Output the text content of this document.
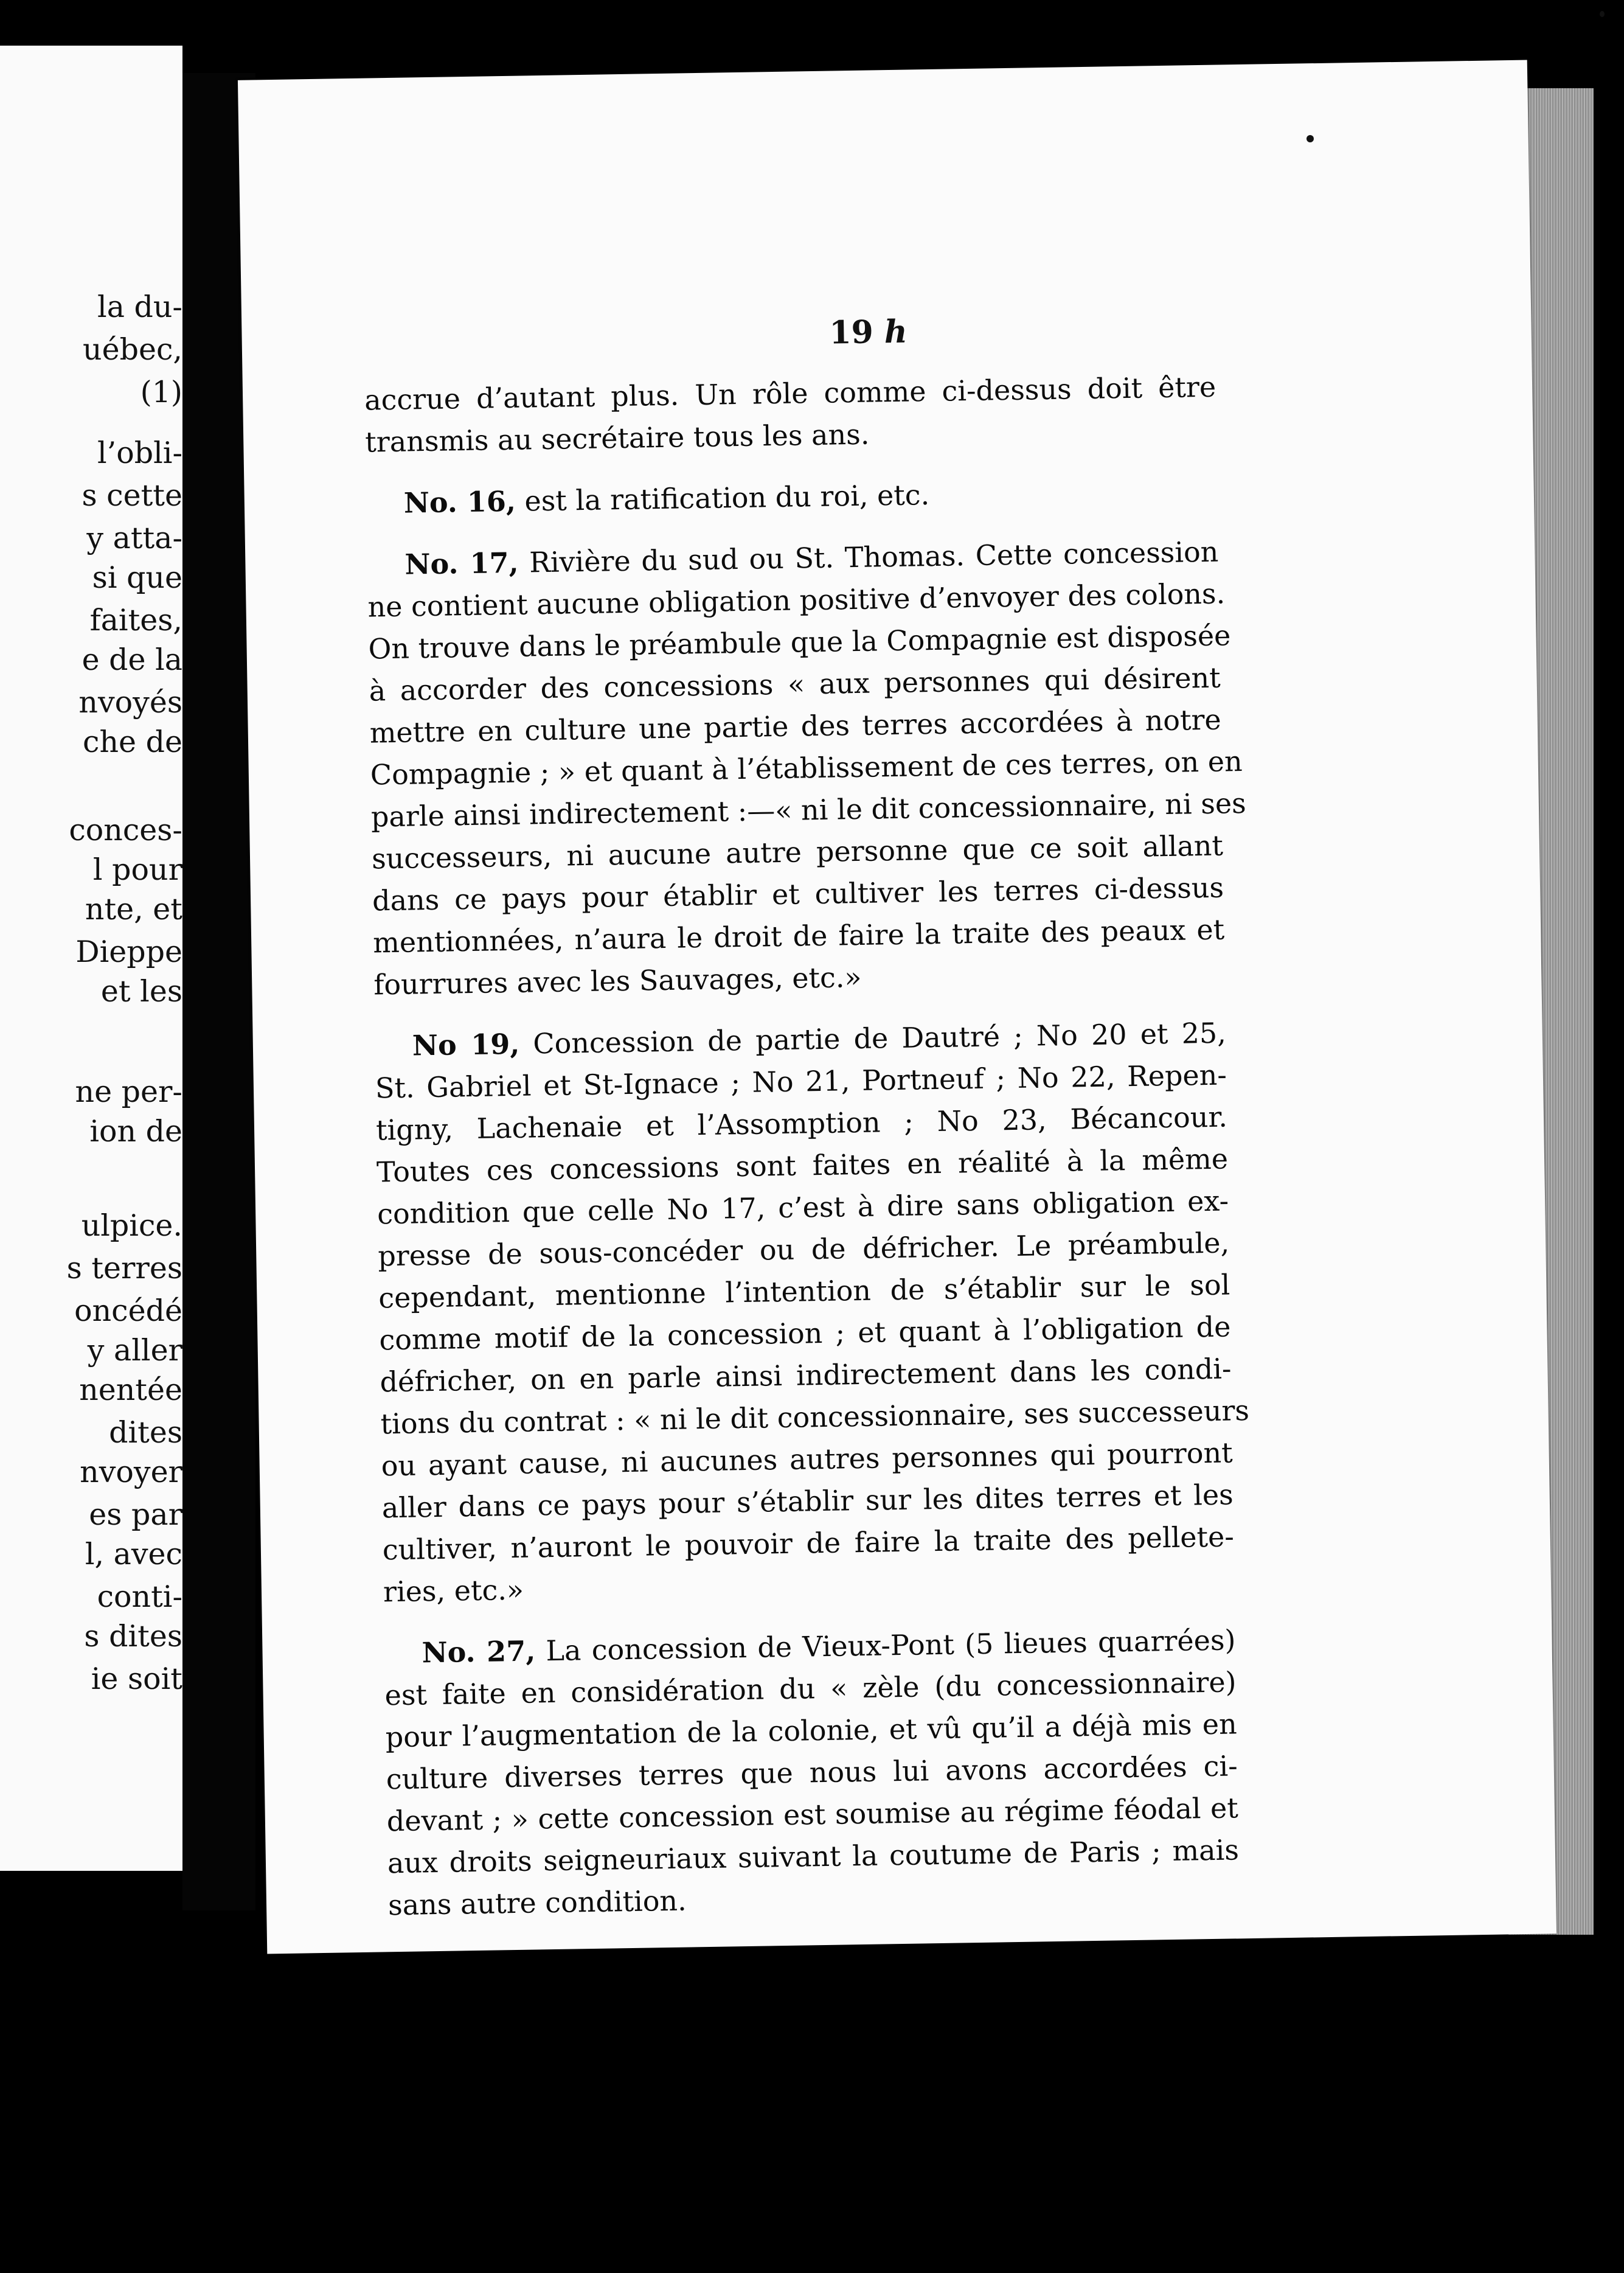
la du-
uébec,
(1)
l’obli-
s cette
y atta-
si que
faites,
e de la
nvoyés
che de
conces-
l pour
nte, et
Dieppe
et les
ne per-
ion de
ulpice.
s terres
oncédé
y aller
nentée
dites
nvoyer
es par
l, avec
conti-
s dites
ie soit
19 h
accrue d’autant plus. Un rôle comme ci-dessus doit être
transmis au secrétaire tous les ans.
No. 16, est la ratification du roi, etc.
No. 17, Rivière du sud ou St. Thomas. Cette concession
ne contient aucune obligation positive d’envoyer des colons.
On trouve dans le préambule que la Compagnie est disposée
à accorder des concessions « aux personnes qui désirent
mettre en culture une partie des terres accordées à notre
Compagnie ; » et quant à l’établissement de ces terres, on en
parle ainsi indirectement :—« ni le dit concessionnaire, ni ses
successeurs, ni aucune autre personne que ce soit allant
dans ce pays pour établir et cultiver les terres ci-dessus
mentionnées, n’aura le droit de faire la traite des peaux et
fourrures avec les Sauvages, etc.»
No 19, Concession de partie de Dautré ; No 20 et 25,
St. Gabriel et St-Ignace ; No 21, Portneuf ; No 22, Repen-
tigny, Lachenaie et l’Assomption ; No 23, Bécancour.
Toutes ces concessions sont faites en réalité à la même
condition que celle No 17, c’est à dire sans obligation ex-
presse de sous-concéder ou de défricher. Le préambule,
cependant, mentionne l’intention de s’établir sur le sol
comme motif de la concession ; et quant à l’obligation de
défricher, on en parle ainsi indirectement dans les condi-
tions du contrat : « ni le dit concessionnaire, ses successeurs
ou ayant cause, ni aucunes autres personnes qui pourront
aller dans ce pays pour s’établir sur les dites terres et les
cultiver, n’auront le pouvoir de faire la traite des pellete-
ries, etc.»
No. 27, La concession de Vieux-Pont (5 lieues quarrées)
est faite en considération du « zèle (du concessionnaire)
pour l’augmentation de la colonie, et vû qu’il a déjà mis en
culture diverses terres que nous lui avons accordées ci-
devant ; » cette concession est soumise au régime féodal et
aux droits seigneuriaux suivant la coutume de Paris ; mais
sans autre condition.
